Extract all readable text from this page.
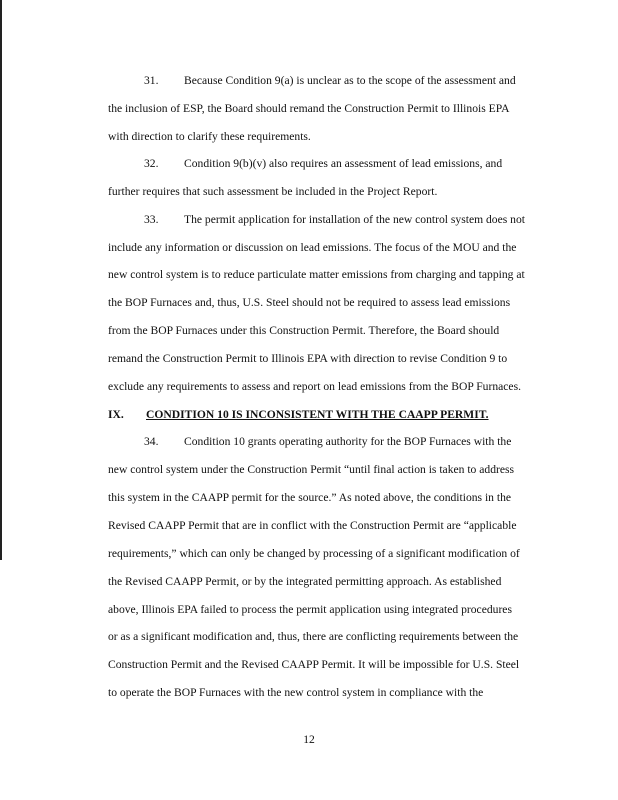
31. Because Condition 9(a) is unclear as to the scope of the assessment and
the inclusion of ESP, the Board should remand the Construction Permit to Illinois EPA
with direction to clarify these requirements.
32. Condition 9(b)(v) also requires an assessment of lead emissions, and
further requires that such assessment be included in the Project Report.
33. The permit application for installation of the new control system does not
include any information or discussion on lead emissions. The focus of the MOU and the
new control system is to reduce particulate matter emissions from charging and tapping at
the BOP Furnaces and, thus, U.S. Steel should not be required to assess lead emissions
from the BOP Furnaces under this Construction Permit. Therefore, the Board should
remand the Construction Permit to Illinois EPA with direction to revise Condition 9 to
exclude any requirements to assess and report on lead emissions from the BOP Furnaces.
IX. CONDITION 10 IS INCONSISTENT WITH THE CAAPP PERMIT.
34. Condition 10 grants operating authority for the BOP Furnaces with the
new control system under the Construction Permit “until final action is taken to address
this system in the CAAPP permit for the source.” As noted above, the conditions in the
Revised CAAPP Permit that are in conflict with the Construction Permit are “applicable
requirements,” which can only be changed by processing of a significant modification of
the Revised CAAPP Permit, or by the integrated permitting approach. As established
above, Illinois EPA failed to process the permit application using integrated procedures
or as a significant modification and, thus, there are conflicting requirements between the
Construction Permit and the Revised CAAPP Permit. It will be impossible for U.S. Steel
to operate the BOP Furnaces with the new control system in compliance with the
12
